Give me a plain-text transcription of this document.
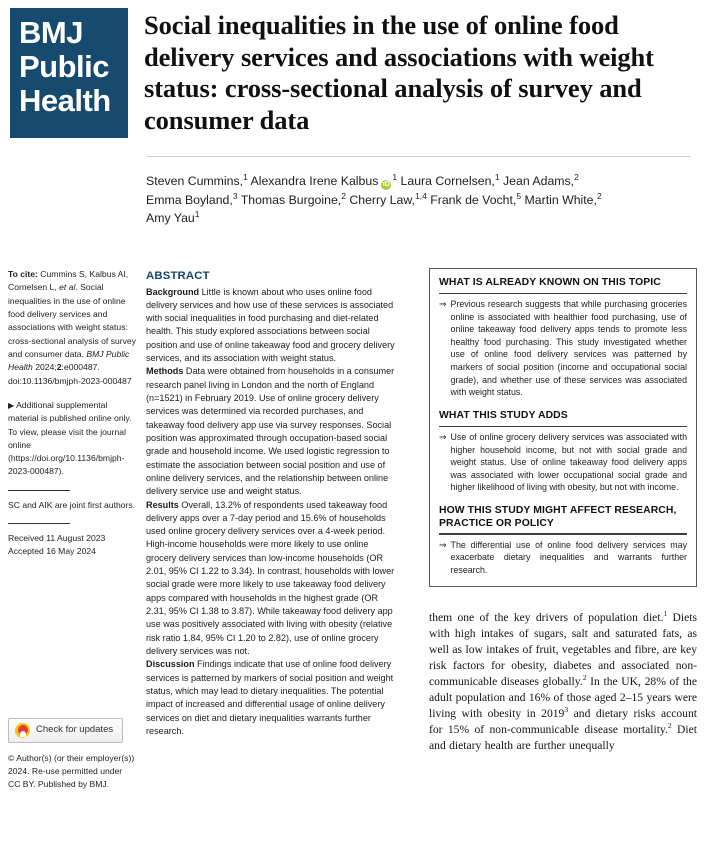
BMJ
Public
Health
Social inequalities in the use of online food delivery services and associations with weight status: cross-sectional analysis of survey and consumer data
Steven Cummins,$^1$ Alexandra Irene Kalbus $iD^1$ Laura Cornelsen,$^1$ Jean Adams,$^2$
Emma Boyland,$^3$ Thomas Burgoine,$^2$ Cherry Law,$^{1,4}$ Frank de Vocht,$^5$ Martin White,$^2$
Amy Yau$^1$

To cite: Cummins S, Kalbus AI, Cornelsen L, et al. Social inequalities in the use of online food delivery services and associations with weight status: cross-sectional analysis of survey and consumer data. BMJ Public Health 2024;2:e000487. doi:10.1136/bmjph-2023-000487

▶ Additional supplemental material is published online only. To view, please visit the journal online (https://doi.org/10.1136/bmjph-2023-000487).

SC and AIK are joint first authors.

Received 11 August 2023
Accepted 16 May 2024

Check for updates

© Author(s) (or their employer(s)) 2024. Re-use permitted under CC BY. Published by BMJ.

ABSTRACT

Background Little is known about who uses online food delivery services and how use of these services is associated with social inequalities in food purchasing and diet-related health. This study explored associations between social position and use of online takeaway food and grocery delivery services, and its association with weight status.

Methods Data were obtained from households in a consumer research panel living in London and the north of England (n=1521) in February 2019. Use of online grocery delivery services was determined via recorded purchases, and takeaway food delivery app use via survey responses. Social position was approximated through occupation-based social grade and household income. We used logistic regression to estimate the association between social position and use of online delivery services, and the relationship between online delivery service use and weight status.

Results Overall, 13.2% of respondents used takeaway food delivery apps over a 7-day period and 15.6% of households used online grocery delivery services over a 4-week period. High-income households were more likely to use online grocery delivery services than low-income households (OR 2.01, 95% CI 1.22 to 3.34). In contrast, households with lower social grade were more likely to use takeaway food delivery apps compared with households in the highest grade (OR 2.31, 95% CI 1.38 to 3.87). While takeaway food delivery app use was positively associated with living with obesity (relative risk ratio 1.84, 95% CI 1.20 to 2.82), use of online grocery delivery services was not.

Discussion Findings indicate that use of online food delivery services is patterned by markers of social position and weight status, which may lead to dietary inequalities. The potential impact of increased and differential usage of online delivery services on diet and dietary inequalities warrants further research.

WHAT IS ALREADY KNOWN ON THIS TOPIC
⇒ Previous research suggests that while purchasing groceries online is associated with healthier food purchasing, use of online takeaway food delivery apps tends to promote less healthy food purchasing. This study investigated whether use of online food delivery services was patterned by markers of social position (income and occupational social grade), and whether use of these services was associated with weight status.
WHAT THIS STUDY ADDS
⇒ Use of online grocery delivery services was associated with higher household income, but not with social grade and weight status. Use of online takeaway food delivery apps was associated with lower occupational social grade and higher likelihood of living with obesity, but not with income.
HOW THIS STUDY MIGHT AFFECT RESEARCH, PRACTICE OR POLICY
⇒ The differential use of online food delivery services may exacerbate dietary inequalities and warrants further research.
them one of the key drivers of population diet.$^1$ Diets with high intakes of sugars, salt and saturated fats, as well as low intakes of fruit, vegetables and fibre, are key risk factors for obesity, diabetes and associated non-communicable diseases globally.$^2$ In the UK, 28% of the adult population and 16% of those aged 2–15 years were living with obesity in 2019$^3$ and dietary risks account for 15% of non-communicable disease mortality.$^2$ Diet and dietary health are further unequally
